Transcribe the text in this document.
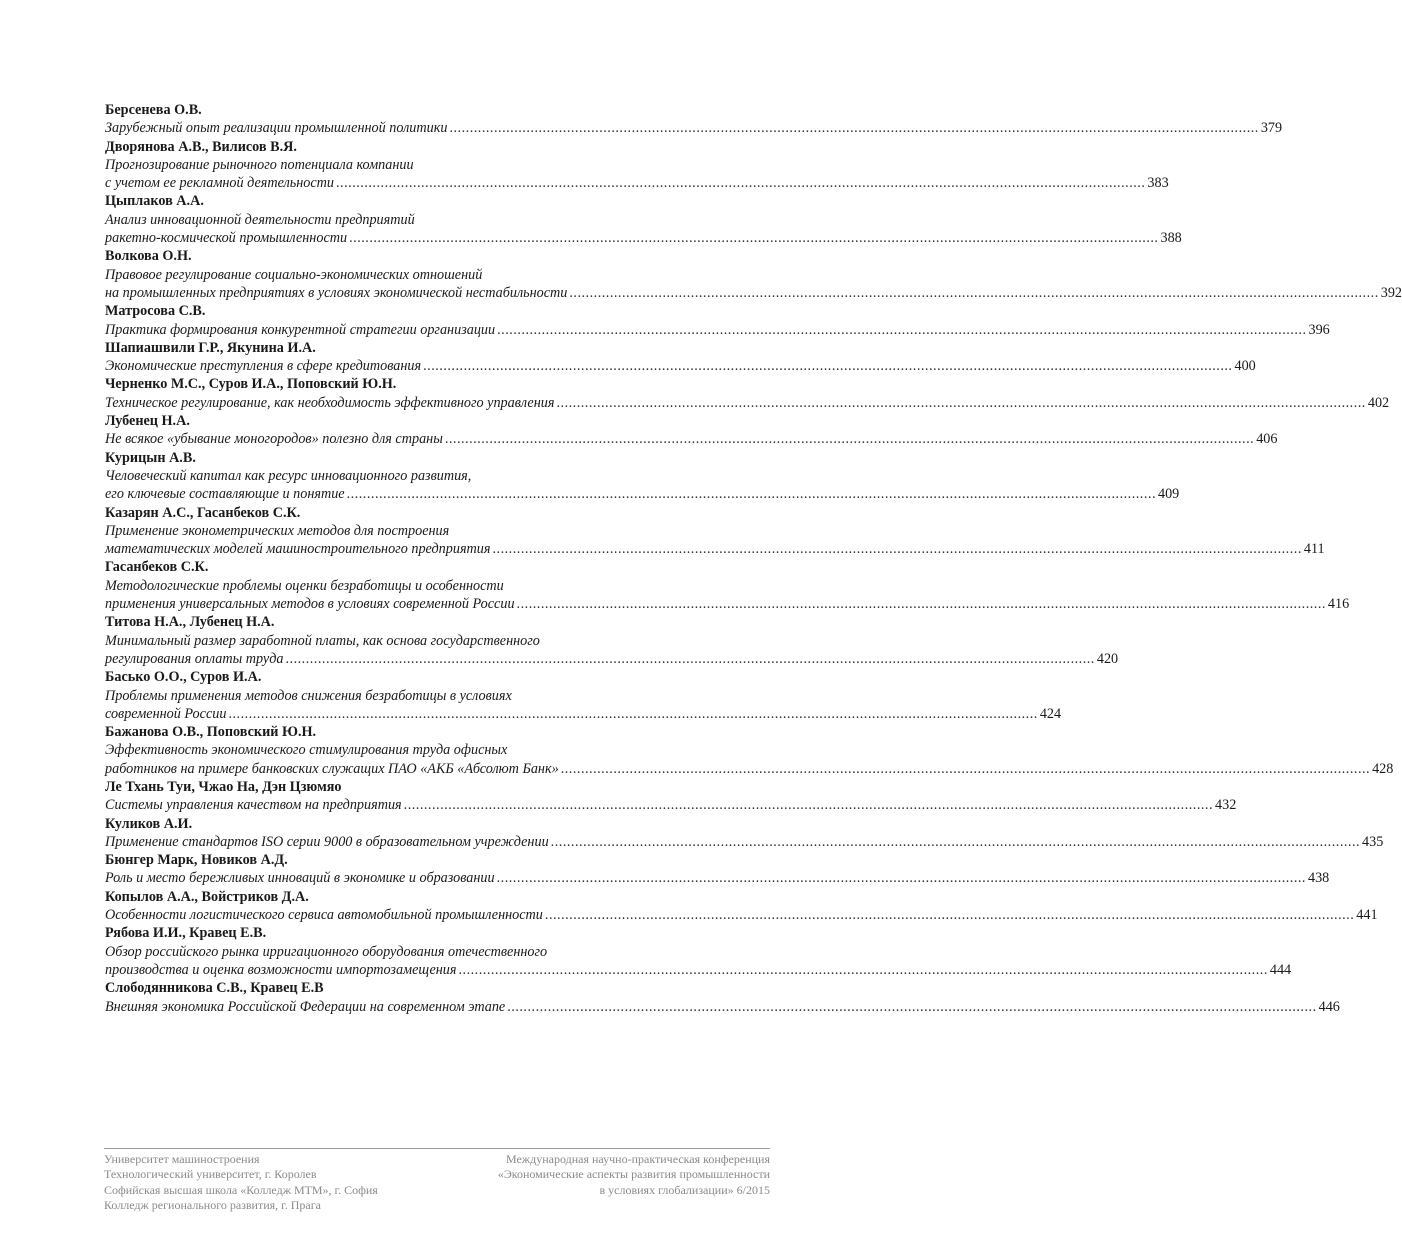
Берсенева О.В.
Зарубежный опыт реализации промышленной политики ........................................................................................................................................................................................................ 379
Дворянова А.В., Вилисов В.Я.
Прогнозирование рыночного потенциала компании
с учетом ее рекламной деятельности ........................................................................................................................................................................................................ 383
Цыплаков А.А.
Анализ инновационной деятельности предприятий
ракетно-космической промышленности ........................................................................................................................................................................................................ 388
Волкова О.Н.
Правовое регулирование социально-экономических отношений
на промышленных предприятиях в условиях экономической нестабильности ........................................................................................................................................................................................................ 392
Матросова С.В.
Практика формирования конкурентной стратегии организации ........................................................................................................................................................................................................ 396
Шапиашвили Г.Р., Якунина И.А.
Экономические преступления в сфере кредитования ........................................................................................................................................................................................................ 400
Черненко М.С., Суров И.А., Поповский Ю.Н.
Техническое регулирование, как необходимость эффективного управления ........................................................................................................................................................................................................ 402
Лубенец Н.А.
Не всякое «убывание моногородов» полезно для страны ........................................................................................................................................................................................................ 406
Курицын А.В.
Человеческий капитал как ресурс инновационного развития,
его ключевые составляющие и понятие ........................................................................................................................................................................................................ 409
Казарян А.С., Гасанбеков С.К.
Применение эконометрических методов для построения
математических моделей машиностроительного предприятия ........................................................................................................................................................................................................ 411
Гасанбеков С.К.
Методологические проблемы оценки безработицы и особенности
применения универсальных методов в условиях современной России ........................................................................................................................................................................................................ 416
Титова Н.А., Лубенец Н.А.
Минимальный размер заработной платы, как основа государственного
регулирования оплаты труда ........................................................................................................................................................................................................ 420
Басько О.О., Суров И.А.
Проблемы применения методов снижения безработицы в условиях
современной России ........................................................................................................................................................................................................ 424
Бажанова О.В., Поповский Ю.Н.
Эффективность экономического стимулирования труда офисных
работников на примере банковских служащих ПАО «АКБ «Абсолют Банк» ........................................................................................................................................................................................................ 428
Ле Тхань Туи, Чжао На, Дэн Цзюмяо
Системы управления качеством на предприятия ........................................................................................................................................................................................................ 432
Куликов А.И.
Применение стандартов ISO серии 9000 в образовательном учреждении ........................................................................................................................................................................................................ 435
Бюнгер Марк, Новиков А.Д.
Роль и место бережливых инноваций в экономике и образовании ........................................................................................................................................................................................................ 438
Копылов А.А., Войстриков Д.А.
Особенности логистического сервиса автомобильной промышленности ........................................................................................................................................................................................................ 441
Рябова И.И., Кравец Е.В.
Обзор российского рынка ирригационного оборудования отечественного
производства и оценка возможности импортозамещения ........................................................................................................................................................................................................ 444
Слободянникова С.В., Кравец Е.В
Внешняя экономика Российской Федерации на современном этапе ........................................................................................................................................................................................................ 446
Университет машиностроения
Технологический университет, г. Королев
Софийская высшая школа «Колледж МТМ», г. София
Колледж регионального развития, г. Прага
Международная научно-практическая конференция
«Экономические аспекты развития промышленности
в условиях глобализации» 6/2015
